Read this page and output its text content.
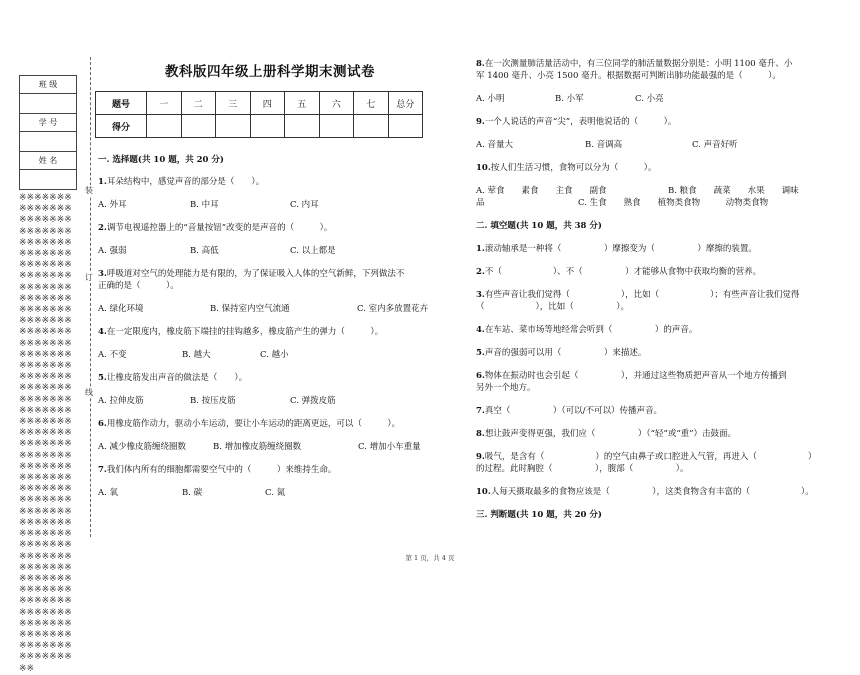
班 级

学 号

姓 名

※※※※※※※※※※※※※※※※※※※※※※※※※※※※※※※※※※※※※※※※※※※※※※※※※※※※※※※※※※※※※※※※※※※※※※※※※※※※※※※※※※※※※※※※※※※※※※※※※※※※※※※※※※※※※※※※※※※※※※※※※※※※※※※※※※※※※※※※※※※※※※※※※※※※※※※※※※※※※※※※※※※※※※※※※※※※※※※※※※※※※※※※※※※※※※※※※※※※※※※※※※※※※※※※※※※※※※※※※※※※※※※※※※※※※※※※※※※※※※※※※※※※※※※※※※※※※※※※※※※※※※※※※※※※※※※※※※※※※※※※※※※※※※※※※※※※※※※※
装
订
线
教科版四年级上册科学期末测试卷
题号	一	二	三	四	五	六	七	总分
得分								
一. 选择题(共 10 题，共 20 分)
1.耳朵结构中，感觉声音的部分是（　　）。
A. 外耳	B. 中耳	C. 内耳
2.调节电视遥控器上的“音量按钮”改变的是声音的（　　　）。
A. 强弱	B. 高低	C. 以上都是
3.呼吸道对空气的处理能力是有限的，为了保证吸入人体的空气新鲜，下列做法不
正确的是（　　　）。
A. 绿化环境	B. 保持室内空气流通	C. 室内多放置花卉
4.在一定限度内，橡皮筋下端挂的挂钩越多，橡皮筋产生的弹力（　　　）。
A. 不变	B. 越大	C. 越小
5.让橡皮筋发出声音的做法是（　　）。
A. 拉伸皮筋	B. 按压皮筋	C. 弹拨皮筋
6.用橡皮筋作动力，驱动小车运动，要让小车运动的距离更远，可以（　　　）。
A. 减少橡皮筋缠绕圈数	B. 增加橡皮筋缠绕圈数	C. 增加小车重量
7.我们体内所有的细胞都需要空气中的（　　　）来维持生命。
A. 氧	B. 碳	C. 氮
8.在一次测量肺活量活动中，有三位同学的肺活量数据分别是：小明 1100 毫升、小
军 1400 毫升、小亮 1500 毫升。根据数据可判断出肺功能最强的是（　　　）。
A. 小明	B. 小军	C. 小亮
9.一个人说话的声音“尖”，表明他说话的（　　　）。
A. 音量大	B. 音调高	C. 声音好听
10.按人们生活习惯，食物可以分为（　　　）。
A. 荤食　　素食　　主食　　副食	B. 粮食　　蔬菜　　水果　　调味
品	C. 生食　　熟食　　植物类食物　　　动物类食物
二. 填空题(共 10 题，共 38 分)
1.滚动轴承是一种将（　　　　　）摩擦变为（　　　　　）摩擦的装置。
2.不（　　　　　　）、不（　　　　　）才能够从食物中获取均衡的营养。
3.有些声音让我们觉得（　　　　　　），比如（　　　　　　）；有些声音让我们觉得
（　　　　　　），比如（　　　　　）。
4.在车站、菜市场等地经常会听到（　　　　　）的声音。
5.声音的强弱可以用（　　　　　）来描述。
6.物体在振动时也会引起（　　　　　），并通过这些物质把声音从一个地方传播到
另外一个地方。
7.真空（　　　　　）（可以/不可以）传播声音。
8.想让鼓声变得更强，我们应（　　　　　）（“轻”或“重”）击鼓面。
9.吸气，是含有（　　　　　　）的空气由鼻子或口腔进入气管，再进入（　　　　　　）
的过程。此时胸腔（　　　　　），腹部（　　　　　）。
10.人每天摄取最多的食物应该是（　　　　　），这类食物含有丰富的（　　　　　　）。
三. 判断题(共 10 题，共 20 分)
第 1 页，共 4 页
